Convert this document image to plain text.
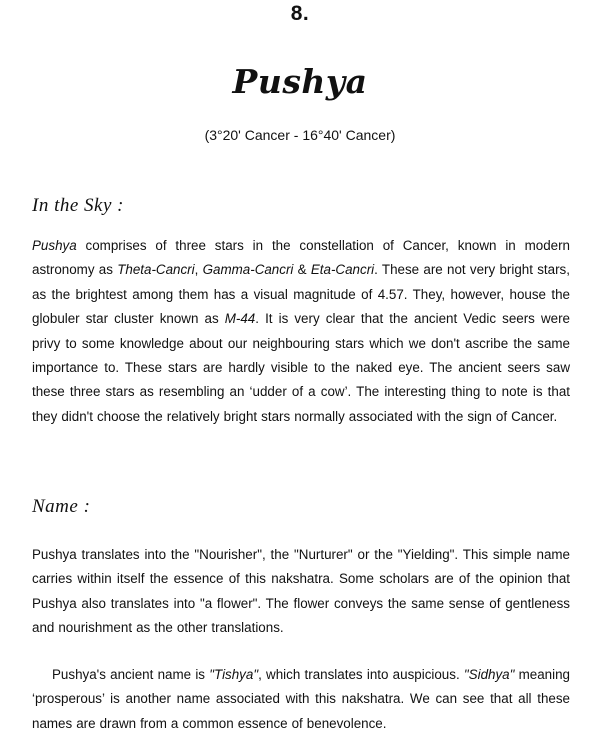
8.
Pushya
(3°20' Cancer - 16°40' Cancer)
In the Sky :

Pushya comprises of three stars in the constellation of Cancer, known in modern astronomy as Theta-Cancri, Gamma-Cancri & Eta-Cancri. These are not very bright stars, as the brightest among them has a visual magnitude of 4.57. They, however, house the globuler star cluster known as M-44. It is very clear that the ancient Vedic seers were privy to some knowledge about our neighbouring stars which we don't ascribe the same importance to. These stars are hardly visible to the naked eye. The ancient seers saw these three stars as resembling an ‘udder of a cow’. The interesting thing to note is that they didn't choose the relatively bright stars normally associated with the sign of Cancer.

Name :

Pushya translates into the "Nourisher", the "Nurturer" or the "Yielding". This simple name carries within itself the essence of this nakshatra. Some scholars are of the opinion that Pushya also translates into "a flower". The flower conveys the same sense of gentleness and nourishment as the other translations.

Pushya's ancient name is "Tishya", which translates into auspicious. "Sidhya" meaning ‘prosperous’ is another name associated with this nakshatra. We can see that all these names are drawn from a common essence of benevolence.
